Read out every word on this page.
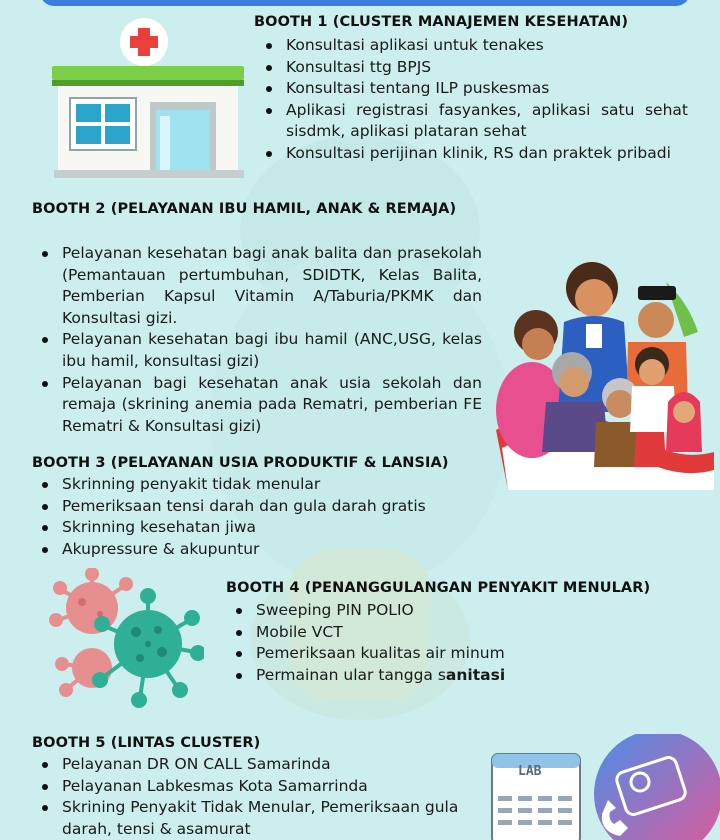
BOOTH 1 (CLUSTER MANAJEMEN KESEHATAN)
Konsultasi aplikasi untuk tenakes
Konsultasi ttg BPJS
Konsultasi tentang ILP puskesmas
Aplikasi registrasi fasyankes, aplikasi satu sehat sisdmk, aplikasi plataran sehat
Konsultasi perijinan klinik, RS dan praktek pribadi
BOOTH 2 (PELAYANAN IBU HAMIL, ANAK & REMAJA)
Pelayanan kesehatan bagi anak balita dan prasekolah (Pemantauan pertumbuhan, SDIDTK, Kelas Balita, Pemberian Kapsul Vitamin A/Taburia/PKMK dan Konsultasi gizi.
Pelayanan kesehatan bagi ibu hamil (ANC,USG, kelas ibu hamil, konsultasi gizi)
Pelayanan bagi kesehatan anak usia sekolah dan remaja (skrining anemia pada Rematri, pemberian FE Rematri & Konsultasi gizi)
BOOTH 3 (PELAYANAN USIA PRODUKTIF & LANSIA)
Skrinning penyakit tidak menular
Pemeriksaan tensi darah dan gula darah gratis
Skrinning kesehatan jiwa
Akupressure & akupuntur
BOOTH 4 (PENANGGULANGAN PENYAKIT MENULAR)
Sweeping PIN POLIO
Mobile VCT
Pemeriksaan kualitas air minum
Permainan ular tangga sanitasi
BOOTH 5 (LINTAS CLUSTER)
Pelayanan DR ON CALL Samarinda
Pelayanan Labkesmas Kota Samarrinda
Skrining Penyakit Tidak Menular, Pemeriksaan gula darah, tensi & asamurat
LAB
